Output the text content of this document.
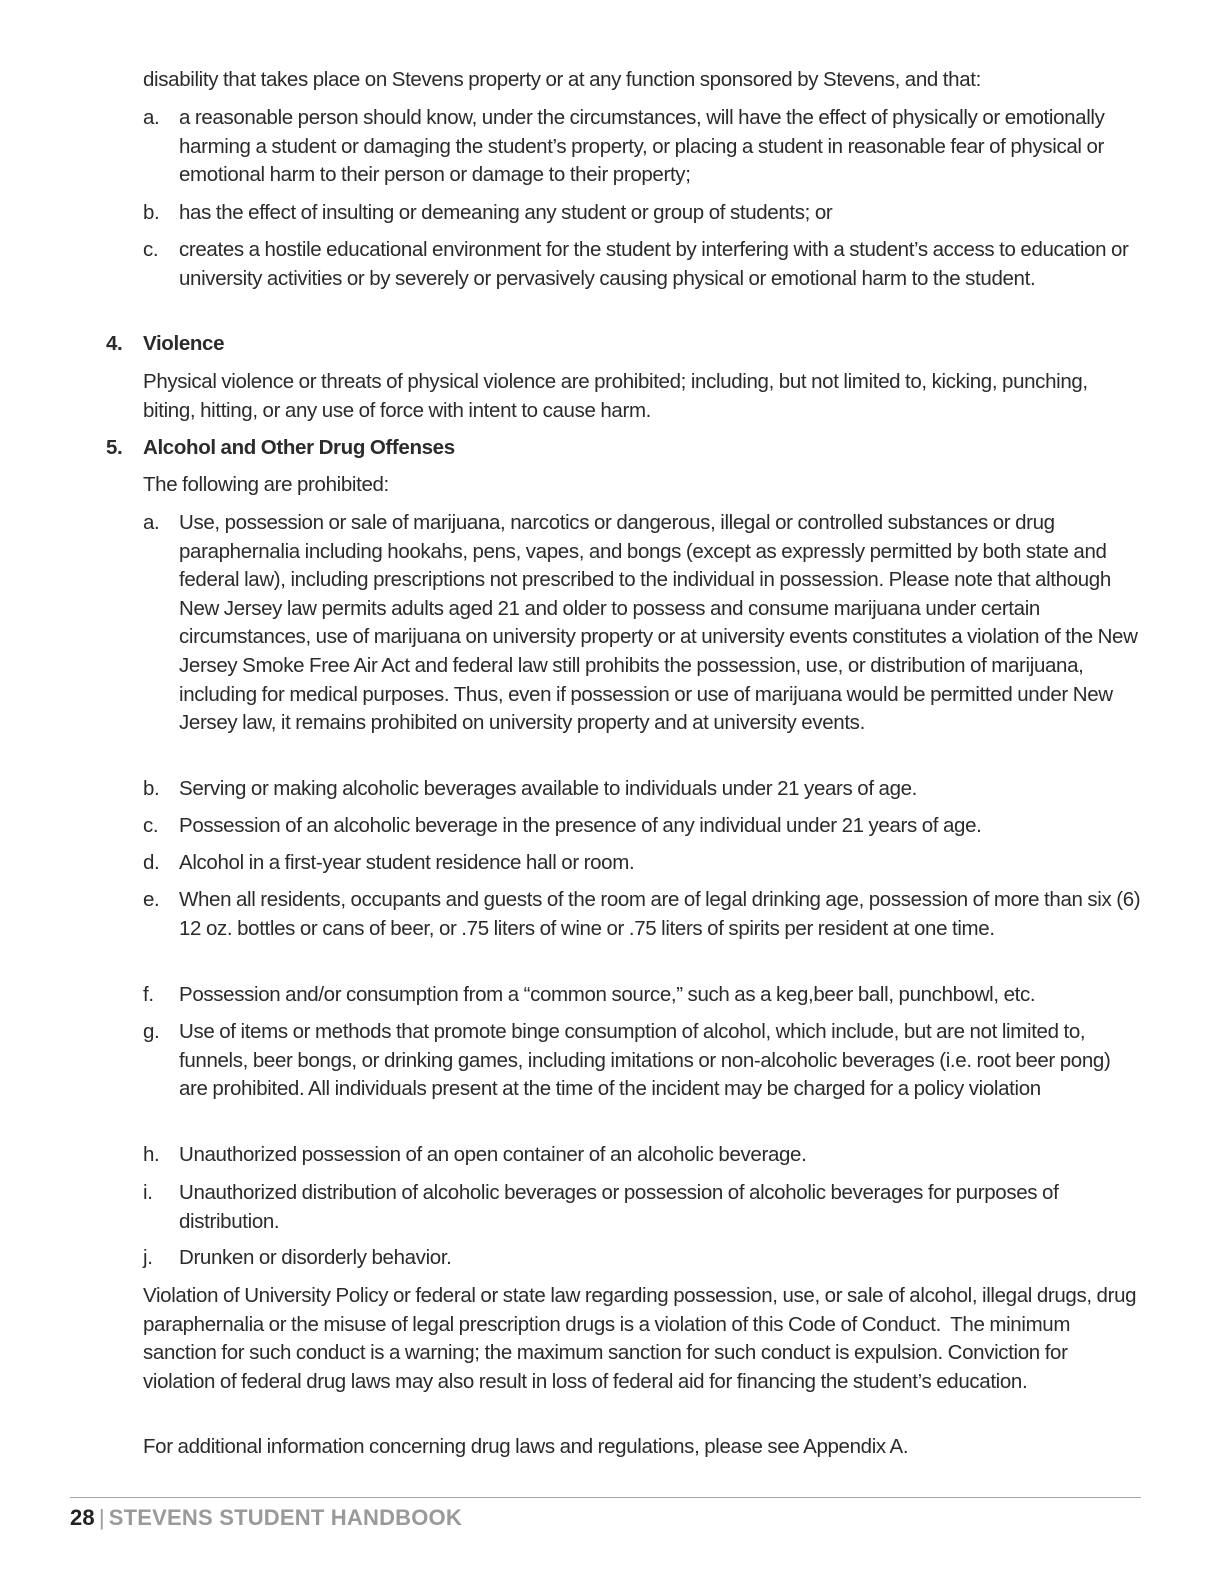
disability that takes place on Stevens property or at any function sponsored by Stevens, and that:

a. a reasonable person should know, under the circumstances, will have the effect of physically or emotionally harming a student or damaging the student’s property, or placing a student in reasonable fear of physical or emotional harm to their person or damage to their property;
b. has the effect of insulting or demeaning any student or group of students; or
c.	creates a hostile educational environment for the student by interfering with a student’s access to education or university activities or by severely or pervasively causing physical or emotional harm to the student.
4.	Violence

Physical violence or threats of physical violence are prohibited; including, but not limited to, kicking, punching, biting, hitting, or any use of force with intent to cause harm.

5.	Alcohol and Other Drug Offenses

The following are prohibited:

a. Use, possession or sale of marijuana, narcotics or dangerous, illegal or controlled substances or drug paraphernalia including hookahs, pens, vapes, and bongs (except as expressly permitted by both state and federal law), including prescriptions not prescribed to the individual in possession. Please note that although New Jersey law permits adults aged 21 and older to possess and consume marijuana under certain circumstances, use of marijuana on university property or at university events constitutes a violation of the New Jersey Smoke Free Air Act and federal law still prohibits the possession, use, or distribution of marijuana, including for medical purposes. Thus, even if possession or use of marijuana would be permitted under New Jersey law, it remains prohibited on university property and at university events.
b. Serving or making alcoholic beverages available to individuals under 21 years of age.
c.	Possession of an alcoholic beverage in the presence of any individual under 21 years of age.
d. Alcohol in a first-year student residence hall or room.
e. When all residents, occupants and guests of the room are of legal drinking age, possession of more than six (6) 12 oz. bottles or cans of beer, or .75 liters of wine or .75 liters of spirits per resident at one time.
f.	Possession and/or consumption from a “common source,” such as a keg,beer ball, punchbowl, etc.
g. Use of items or methods that promote binge consumption of alcohol, which include, but are not limited to, funnels, beer bongs, or drinking games, including imitations or non-alcoholic beverages (i.e. root beer pong) are prohibited. All individuals present at the time of the incident may be charged for a policy violation
h. Unauthorized possession of an open container of an alcoholic beverage.
i.	Unauthorized distribution of alcoholic beverages or possession of alcoholic beverages for purposes of distribution.
j.	Drunken or disorderly behavior.

Violation of University Policy or federal or state law regarding possession, use, or sale of alcohol, illegal drugs, drug paraphernalia or the misuse of legal prescription drugs is a violation of this Code of Conduct.  The minimum sanction for such conduct is a warning; the maximum sanction for such conduct is expulsion. Conviction for violation of federal drug laws may also result in loss of federal aid for financing the student’s education.

For additional information concerning drug laws and regulations, please see Appendix A.

28 | STEVENS STUDENT HANDBOOK
